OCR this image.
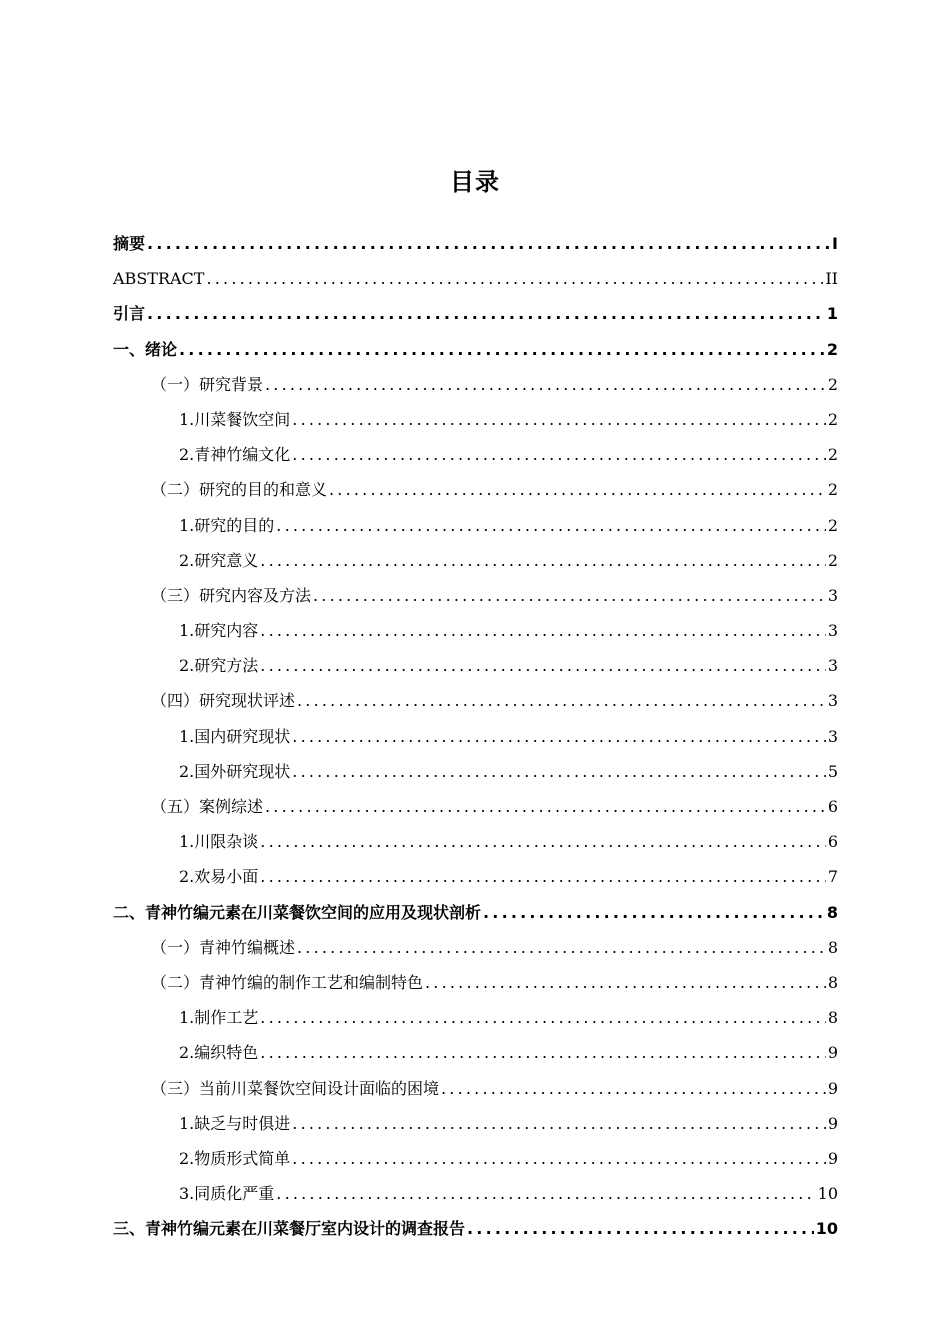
目录
摘要 .....	I
ABSTRACT .....	II
引言 .....	1
一、绪论 .....	2
（一）研究背景 .....	2
1.川菜餐饮空间 .....	2
2.青神竹编文化 .....	2
（二）研究的目的和意义 .....	2
1.研究的目的 .....	2
2.研究意义 .....	2
（三）研究内容及方法 .....	3
1.研究内容 .....	3
2.研究方法 .....	3
（四）研究现状评述 .....	3
1.国内研究现状 .....	3
2.国外研究现状 .....	5
（五）案例综述 .....	6
1.川限杂谈 .....	6
2.欢易小面 .....	7
二、青神竹编元素在川菜餐饮空间的应用及现状剖析 .....	8
（一）青神竹编概述 .....	8
（二）青神竹编的制作工艺和编制特色 .....	8
1.制作工艺 .....	8
2.编织特色 .....	9
（三）当前川菜餐饮空间设计面临的困境 .....	9
1.缺乏与时俱进 .....	9
2.物质形式简单 .....	9
3.同质化严重 .....	10
三、青神竹编元素在川菜餐厅室内设计的调查报告 .....	10
